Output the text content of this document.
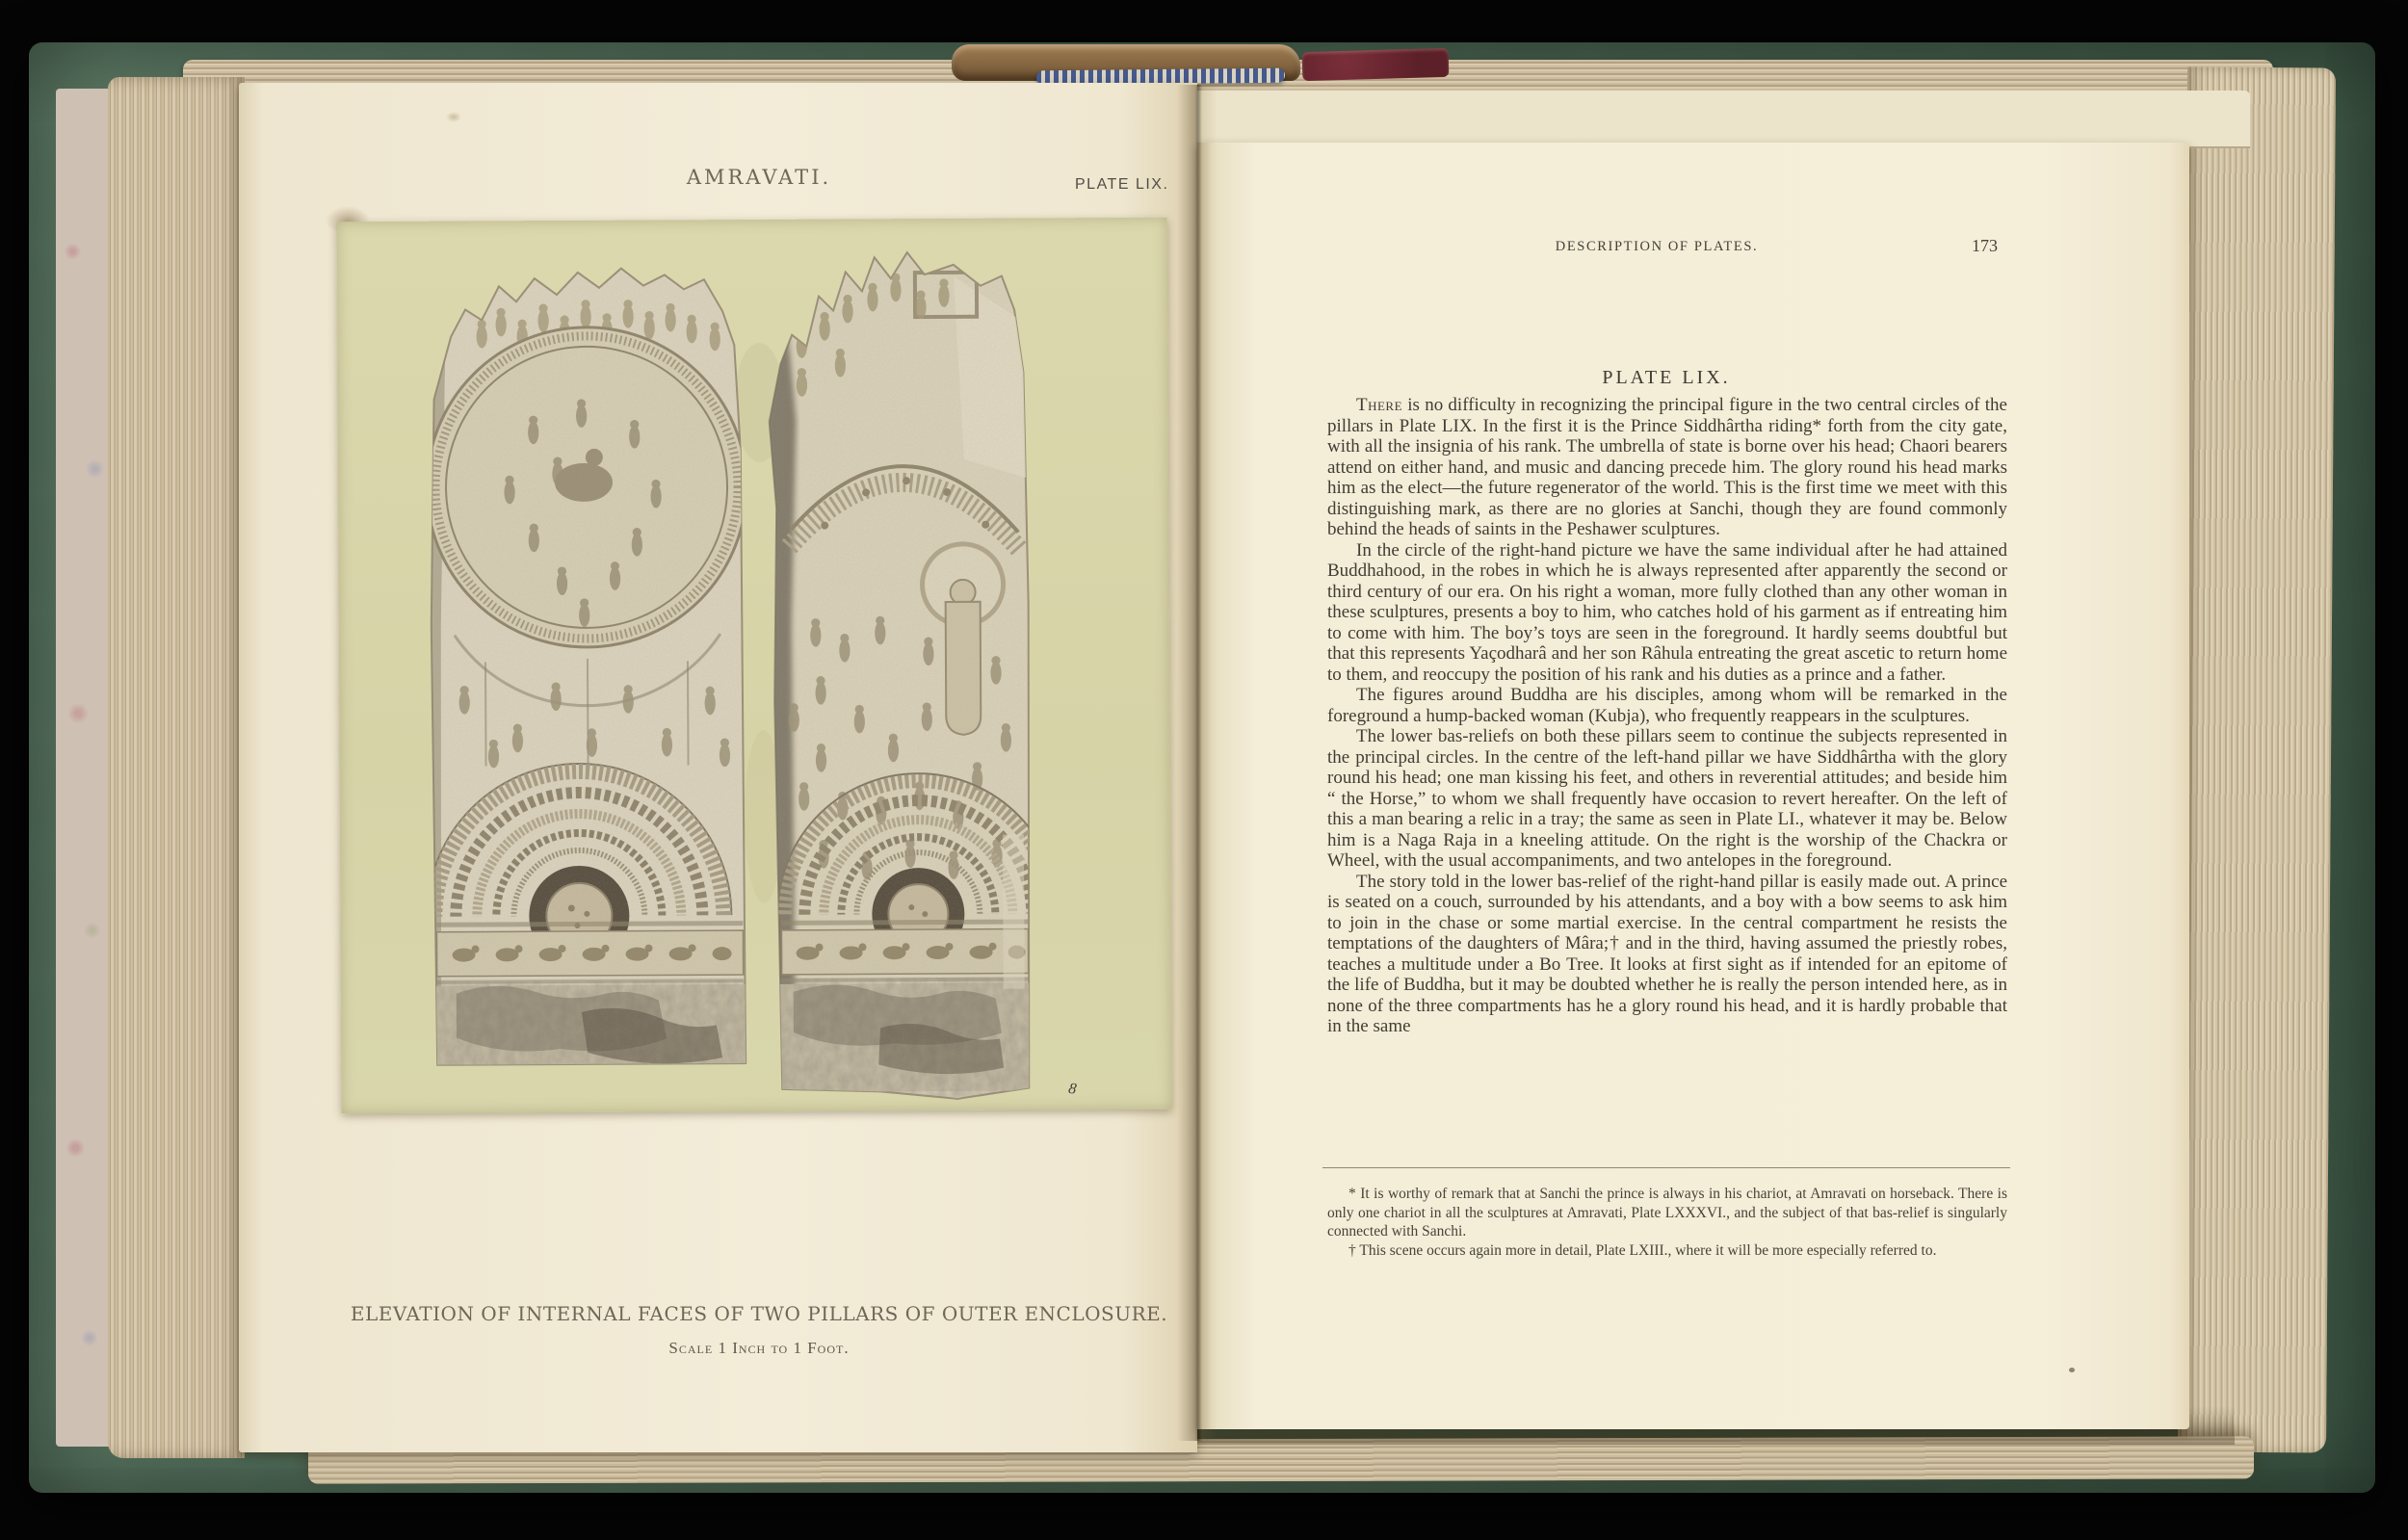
AMRAVATI.	PLATE LIX.
8
ELEVATION OF INTERNAL FACES OF TWO PILLARS OF OUTER ENCLOSURE.
Scale 1 Inch to 1 Foot.
DESCRIPTION OF PLATES.	173
PLATE LIX.

There is no difficulty in recognizing the principal figure in the two central circles of the pillars in Plate LIX. In the first it is the Prince Siddhârtha riding* forth from the city gate, with all the insignia of his rank. The umbrella of state is borne over his head; Chaori bearers attend on either hand, and music and dancing precede him. The glory round his head marks him as the elect—the future regenerator of the world. This is the first time we meet with this distinguishing mark, as there are no glories at Sanchi, though they are found commonly behind the heads of saints in the Peshawer sculptures.

In the circle of the right-hand picture we have the same individual after he had attained Buddhahood, in the robes in which he is always represented after apparently the second or third century of our era. On his right a woman, more fully clothed than any other woman in these sculptures, presents a boy to him, who catches hold of his garment as if entreating him to come with him. The boy’s toys are seen in the foreground. It hardly seems doubtful but that this represents Yaçodharâ and her son Râhula entreating the great ascetic to return home to them, and reoccupy the position of his rank and his duties as a prince and a father.

The figures around Buddha are his disciples, among whom will be remarked in the foreground a hump-backed woman (Kubja), who frequently reappears in the sculptures.

The lower bas-reliefs on both these pillars seem to continue the subjects represented in the principal circles. In the centre of the left-hand pillar we have Siddhârtha with the glory round his head; one man kissing his feet, and others in reverential attitudes; and beside him “ the Horse,” to whom we shall frequently have occasion to revert hereafter. On the left of this a man bearing a relic in a tray; the same as seen in Plate LI., whatever it may be. Below him is a Naga Raja in a kneeling attitude. On the right is the worship of the Chackra or Wheel, with the usual accompaniments, and two antelopes in the foreground.

The story told in the lower bas-relief of the right-hand pillar is easily made out. A prince is seated on a couch, surrounded by his attendants, and a boy with a bow seems to ask him to join in the chase or some martial exercise. In the central compartment he resists the temptations of the daughters of Mâra;† and in the third, having assumed the priestly robes, teaches a multitude under a Bo Tree. It looks at first sight as if intended for an epitome of the life of Buddha, but it may be doubted whether he is really the person intended here, as in none of the three compartments has he a glory round his head, and it is hardly probable that in the same

* It is worthy of remark that at Sanchi the prince is always in his chariot, at Amravati on horseback. There is only one chariot in all the sculptures at Amravati, Plate LXXXVI., and the subject of that bas-relief is singularly connected with Sanchi.

† This scene occurs again more in detail, Plate LXIII., where it will be more especially referred to.
